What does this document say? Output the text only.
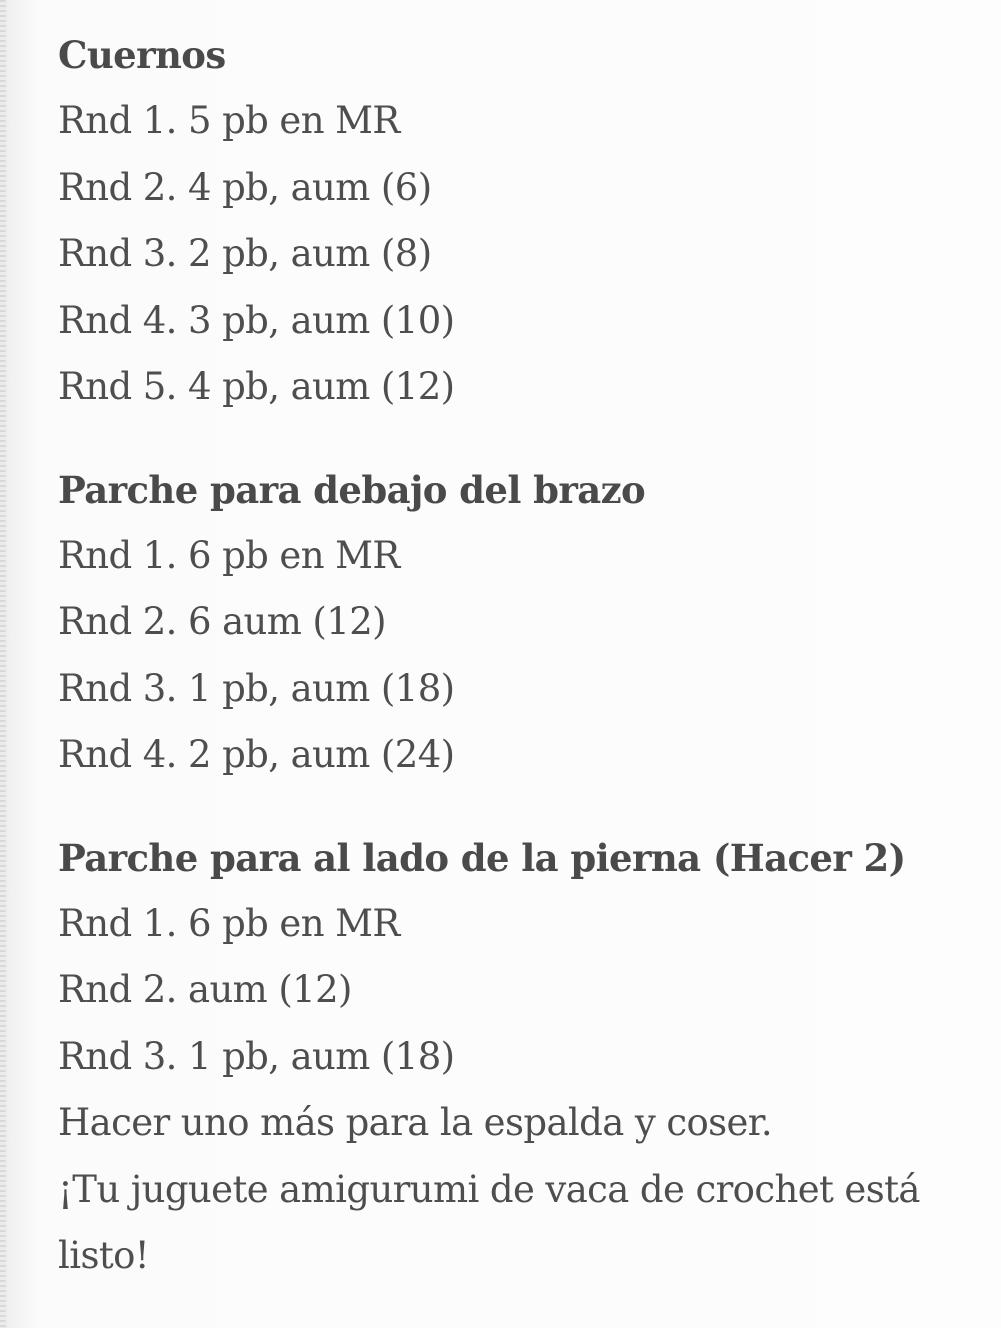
Cuernos

Rnd 1. 5 pb en MR

Rnd 2. 4 pb, aum (6)

Rnd 3. 2 pb, aum (8)

Rnd 4. 3 pb, aum (10)

Rnd 5. 4 pb, aum (12)

Parche para debajo del brazo

Rnd 1. 6 pb en MR

Rnd 2. 6 aum (12)

Rnd 3. 1 pb, aum (18)

Rnd 4. 2 pb, aum (24)

Parche para al lado de la pierna (Hacer 2)

Rnd 1. 6 pb en MR

Rnd 2. aum (12)

Rnd 3. 1 pb, aum (18)

Hacer uno más para la espalda y coser.

¡Tu juguete amigurumi de vaca de crochet está listo!
